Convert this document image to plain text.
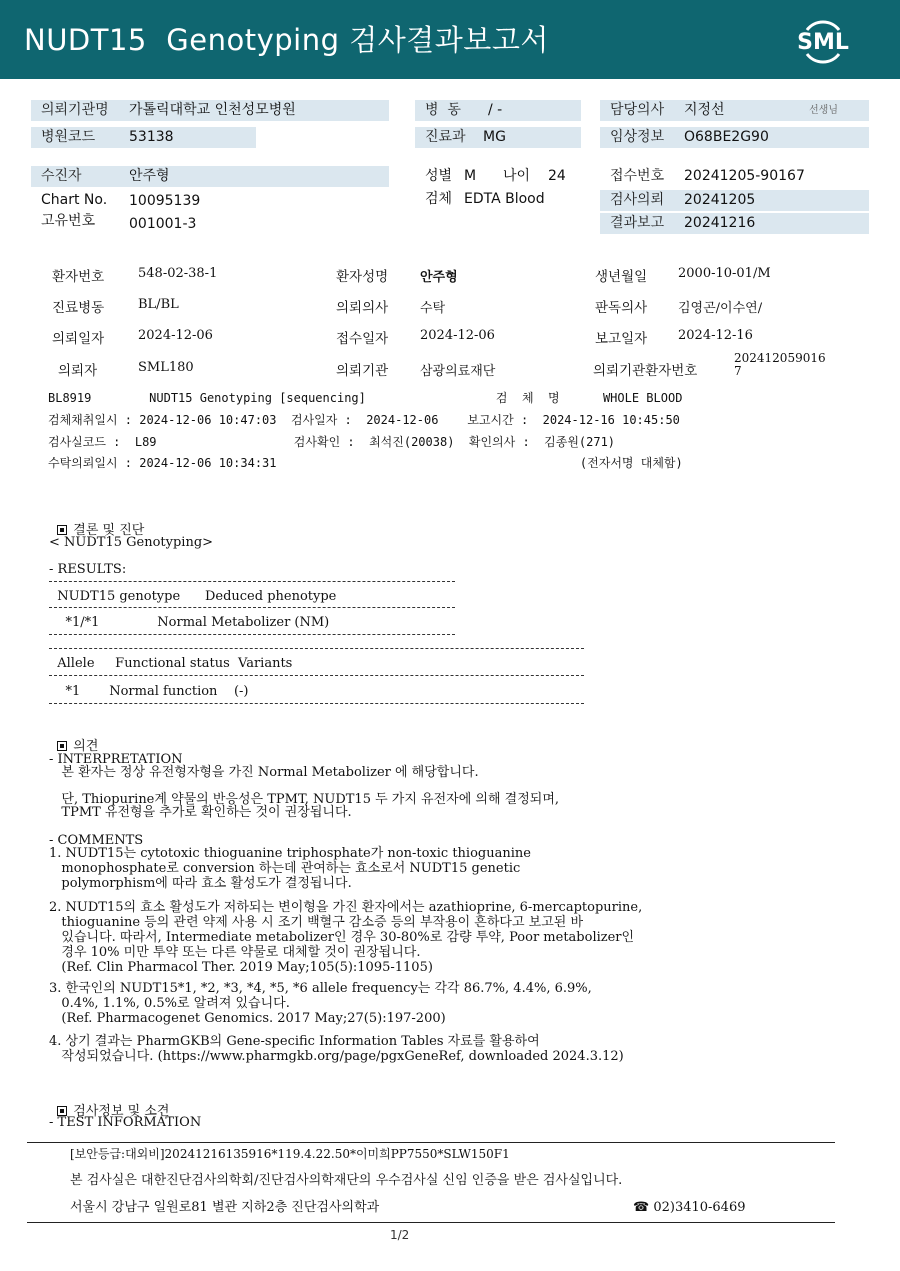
NUDT15  Genotyping 검사결과보고서	SML
의뢰기관명 가톨릭대학교 인천성모병원	병  동 / -	담당의사 지정선	선생님
병원코드 53138	진료과 MG	임상정보 O68BE2G90
수진자	안주형	성별 M 나이 24	접수번호 20241205-90167
Chart No. 10095139	검체 EDTA Blood	검사의뢰 20241205
고유번호 001001-3	결과보고 20241216
환자번호	548-02-38-1	환자성명 안주형	생년월일 2000-10-01/M
진료병동	BL/BL	의뢰의사 수탁	판독의사 김영곤/이수연/
의뢰일자	2024-12-06	접수일자 2024-12-06	보고일자 2024-12-16
의뢰자	SML180	의뢰기관 삼광의료재단	의뢰기관환자번호
202412059016
7
BL8919        NUDT15 Genotyping [sequencing]                  검  체  명      WHOLE BLOOD
검체채취일시 : 2024-12-06 10:47:03  검사일자 :  2024-12-06    보고시간 :  2024-12-16 10:45:50
검사실코드 :  L89                   검사확인 :  최석진(20038)  확인의사 :  김종원(271)
수탁의뢰일시 : 2024-12-06 10:34:31                                          (전자서명 대체함)

결론 및 진단

< NUDT15 Genotyping>
- RESULTS:
NUDT15 genotype      Deduced phenotype
*1/*1              Normal Metabolizer (NM)
Allele     Functional status  Variants
*1       Normal function    (-)

의견

- INTERPRETATION
본 환자는 정상 유전형자형을 가진 Normal Metabolizer 에 해당합니다.
단, Thiopurine계 약물의 반응성은 TPMT, NUDT15 두 가지 유전자에 의해 결정되며,
TPMT 유전형을 추가로 확인하는 것이 권장됩니다.
- COMMENTS
1. NUDT15는 cytotoxic thioguanine triphosphate가 non-toxic thioguanine
monophosphate로 conversion 하는데 관여하는 효소로서 NUDT15 genetic
polymorphism에 따라 효소 활성도가 결정됩니다.
2. NUDT15의 효소 활성도가 저하되는 변이형을 가진 환자에서는 azathioprine, 6-mercaptopurine,
thioguanine 등의 관련 약제 사용 시 조기 백혈구 감소증 등의 부작용이 흔하다고 보고된 바
있습니다. 따라서, Intermediate metabolizer인 경우 30-80%로 감량 투약, Poor metabolizer인
경우 10% 미만 투약 또는 다른 약물로 대체할 것이 권장됩니다.
(Ref. Clin Pharmacol Ther. 2019 May;105(5):1095-1105)
3. 한국인의 NUDT15*1, *2, *3, *4, *5, *6 allele frequency는 각각 86.7%, 4.4%, 6.9%,
0.4%, 1.1%, 0.5%로 알려져 있습니다.
(Ref. Pharmacogenet Genomics. 2017 May;27(5):197-200)
4. 상기 결과는 PharmGKB의 Gene-specific Information Tables 자료를 활용하여
작성되었습니다. (https://www.pharmgkb.org/page/pgxGeneRef, downloaded 2024.3.12)

검사정보 및 소견

- TEST INFORMATION
[보안등급:대외비]20241216135916*119.4.22.50*이미희PP7550*SLW150F1
본 검사실은 대한진단검사의학회/진단검사의학재단의 우수검사실 신임 인증을 받은 검사실입니다.
서울시 강남구 일원로81 별관 지하2층 진단검사의학과	☎ 02)3410-6469
1/2
